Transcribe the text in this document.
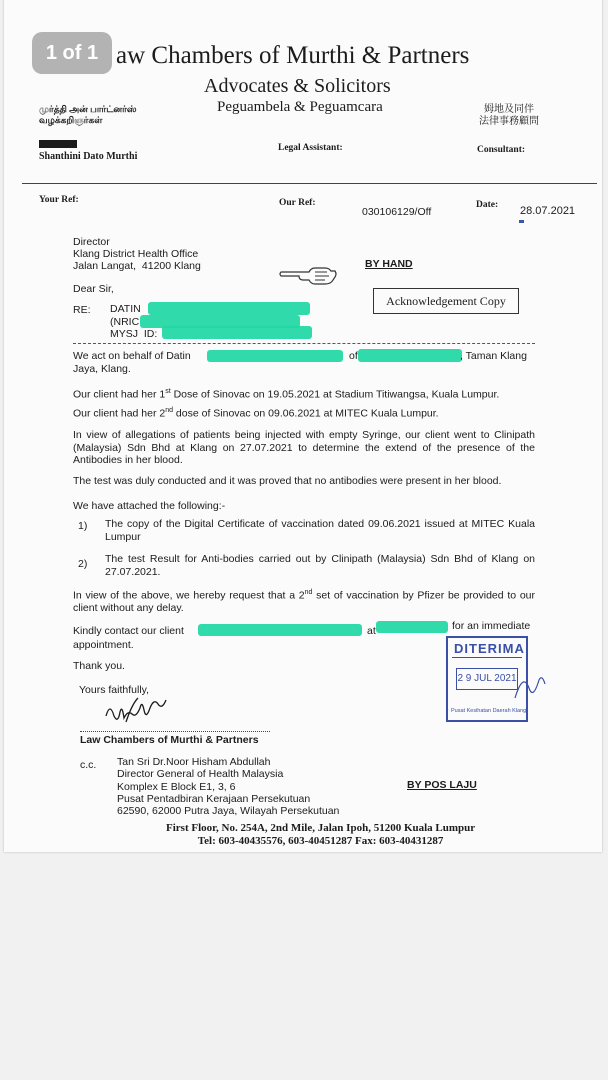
aw Chambers of Murthi & Partners
Advocates & Solicitors
Peguambela & Peguamcara
முர்த்தி அன் பார்ட்னர்ஸ்
வழக்கறிஞர்கள்
姆地及同伴
法律事務顧問
Shanthini Dato Murthi
Legal Assistant:	Consultant:
Your Ref:	Our Ref:
030106129/Off
Date: 28.07.2021
Director
Klang District Health Office
Jalan Langat,  41200 Klang	BY HAND
Acknowledgement Copy
Dear Sir,
RE: DATIN
(NRIC
MYSJ  ID:
We act on behalf of Datin	of	, Taman Klang
Jaya, Klang.
Our client had her 1st Dose of Sinovac on 19.05.2021 at Stadium Titiwangsa, Kuala Lumpur.
Our client had her 2nd dose of Sinovac on 09.06.2021 at MITEC Kuala Lumpur.
In view of allegations of patients being injected with empty Syringe, our client went to Clinipath (Malaysia) Sdn Bhd at Klang on 27.07.2021 to determine the extend of the presence of the Antibodies in her blood.
The test was duly conducted and it was proved that no antibodies were present in her blood.
We have attached the following:-
1) The copy of the Digital Certificate of vaccination dated 09.06.2021 issued at MITEC Kuala Lumpur
2) The test Result for Anti-bodies carried out by Clinipath (Malaysia) Sdn Bhd of Klang on 27.07.2021.
In view of the above, we hereby request that a 2nd set of vaccination by Pfizer be provided to our client without any delay.
Kindly contact our client	at	for an immediate
appointment.
Thank you.
DITERIMA
2 9 JUL 2021
Pusat Kesihatan Daerah Klang
Yours faithfully,
Law Chambers of Murthi & Partners
c.c. Tan Sri Dr.Noor Hisham Abdullah
Director General of Health Malaysia
Komplex E Block E1, 3, 6
Pusat Pentadbiran Kerajaan Persekutuan
62590, 62000 Putra Jaya, Wilayah Persekutuan
BY POS LAJU
First Floor, No. 254A, 2nd Mile, Jalan Ipoh, 51200 Kuala Lumpur
Tel: 603-40435576, 603-40451287 Fax: 603-40431287
1 of 1
